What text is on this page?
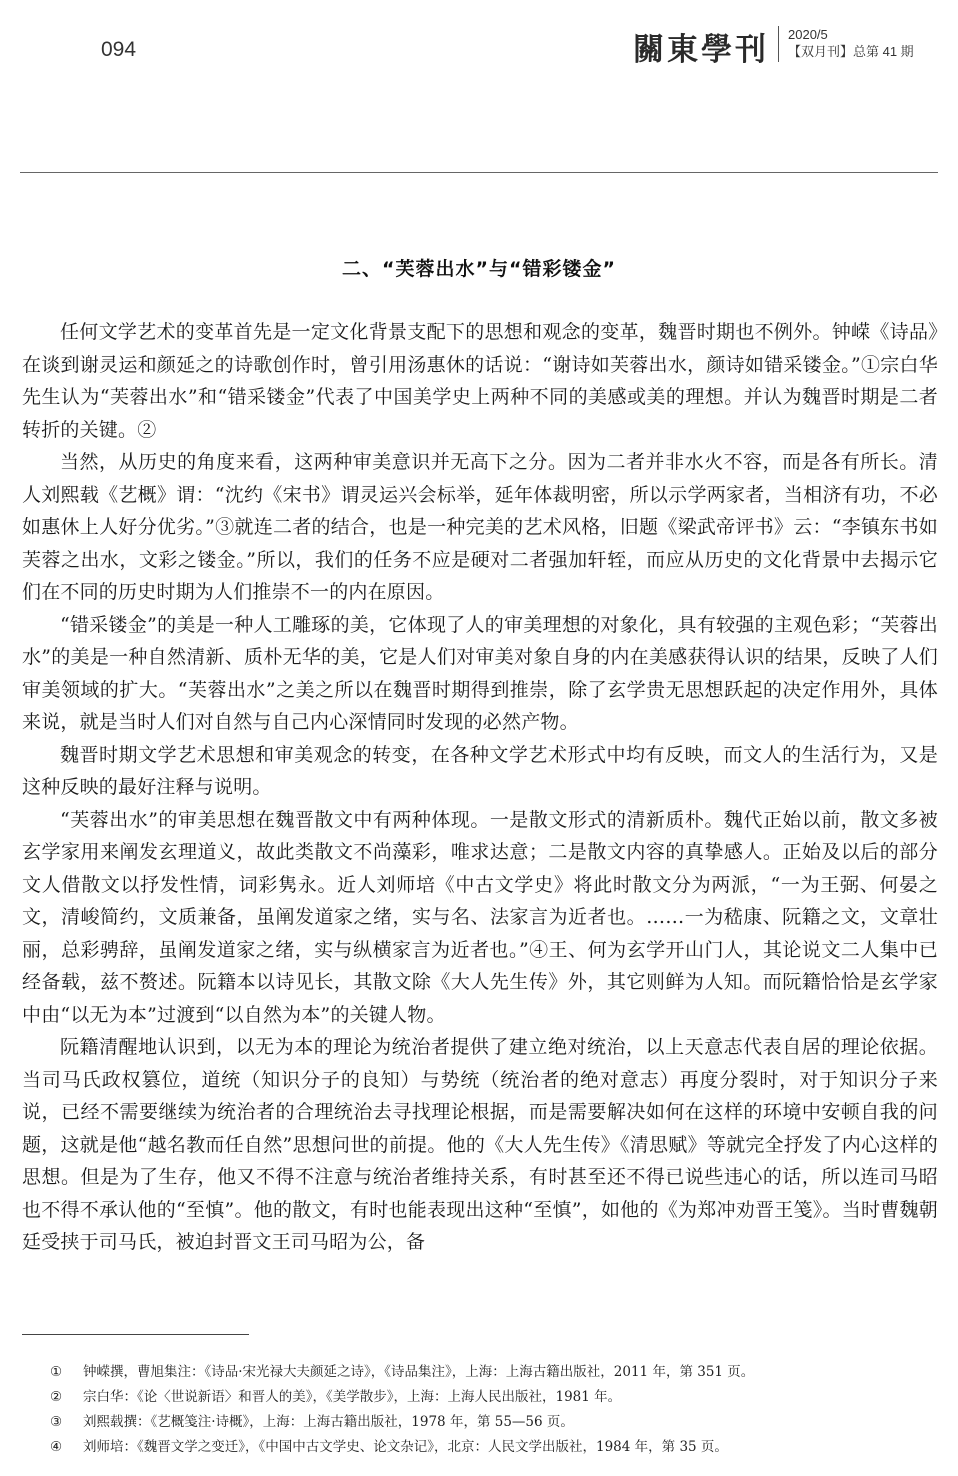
094	關東學刊 2020/5
【双月刊】总第 41 期
二、“芙蓉出水”与“错彩镂金”

任何文学艺术的变革首先是一定文化背景支配下的思想和观念的变革，魏晋时期也不例外。钟嵘《诗品》在谈到谢灵运和颜延之的诗歌创作时，曾引用汤惠休的话说：“谢诗如芙蓉出水，颜诗如错采镂金。”①宗白华先生认为“芙蓉出水”和“错采镂金”代表了中国美学史上两种不同的美感或美的理想。并认为魏晋时期是二者转折的关键。②

当然，从历史的角度来看，这两种审美意识并无高下之分。因为二者并非水火不容，而是各有所长。清人刘熙载《艺概》谓：“沈约《宋书》谓灵运兴会标举，延年体裁明密，所以示学两家者，当相济有功，不必如惠休上人好分优劣。”③就连二者的结合，也是一种完美的艺术风格，旧题《梁武帝评书》云：“李镇东书如芙蓉之出水，文彩之镂金。”所以，我们的任务不应是硬对二者强加轩轾，而应从历史的文化背景中去揭示它们在不同的历史时期为人们推崇不一的内在原因。

“错采镂金”的美是一种人工雕琢的美，它体现了人的审美理想的对象化，具有较强的主观色彩；“芙蓉出水”的美是一种自然清新、质朴无华的美，它是人们对审美对象自身的内在美感获得认识的结果，反映了人们审美领域的扩大。“芙蓉出水”之美之所以在魏晋时期得到推崇，除了玄学贵无思想跃起的决定作用外，具体来说，就是当时人们对自然与自己内心深情同时发现的必然产物。

魏晋时期文学艺术思想和审美观念的转变，在各种文学艺术形式中均有反映，而文人的生活行为，又是这种反映的最好注释与说明。

“芙蓉出水”的审美思想在魏晋散文中有两种体现。一是散文形式的清新质朴。魏代正始以前，散文多被玄学家用来阐发玄理道义，故此类散文不尚藻彩，唯求达意；二是散文内容的真挚感人。正始及以后的部分文人借散文以抒发性情，词彩隽永。近人刘师培《中古文学史》将此时散文分为两派，“一为王弼、何晏之文，清峻简约，文质兼备，虽阐发道家之绪，实与名、法家言为近者也。……一为嵇康、阮籍之文，文章壮丽，总彩骋辞，虽阐发道家之绪，实与纵横家言为近者也。”④王、何为玄学开山门人，其论说文二人集中已经备载，兹不赘述。阮籍本以诗见长，其散文除《大人先生传》外，其它则鲜为人知。而阮籍恰恰是玄学家中由“以无为本”过渡到“以自然为本”的关键人物。

阮籍清醒地认识到，以无为本的理论为统治者提供了建立绝对统治，以上天意志代表自居的理论依据。当司马氏政权篡位，道统（知识分子的良知）与势统（统治者的绝对意志）再度分裂时，对于知识分子来说，已经不需要继续为统治者的合理统治去寻找理论根据，而是需要解决如何在这样的环境中安顿自我的问题，这就是他“越名教而任自然”思想问世的前提。他的《大人先生传》《清思赋》等就完全抒发了内心这样的思想。但是为了生存，他又不得不注意与统治者维持关系，有时甚至还不得已说些违心的话，所以连司马昭也不得不承认他的“至慎”。他的散文，有时也能表现出这种“至慎”，如他的《为郑冲劝晋王笺》。当时曹魏朝廷受挟于司马氏，被迫封晋文王司马昭为公，备

①	钟嵘撰，曹旭集注：《诗品·宋光禄大夫颜延之诗》，《诗品集注》，上海：上海古籍出版社，2011 年，第 351 页。
②	宗白华：《论〈世说新语〉和晋人的美》，《美学散步》，上海：上海人民出版社，1981 年。
③	刘熙载撰：《艺概笺注·诗概》，上海：上海古籍出版社，1978 年，第 55—56 页。
④	刘师培：《魏晋文学之变迁》，《中国中古文学史、论文杂记》，北京：人民文学出版社，1984 年，第 35 页。
